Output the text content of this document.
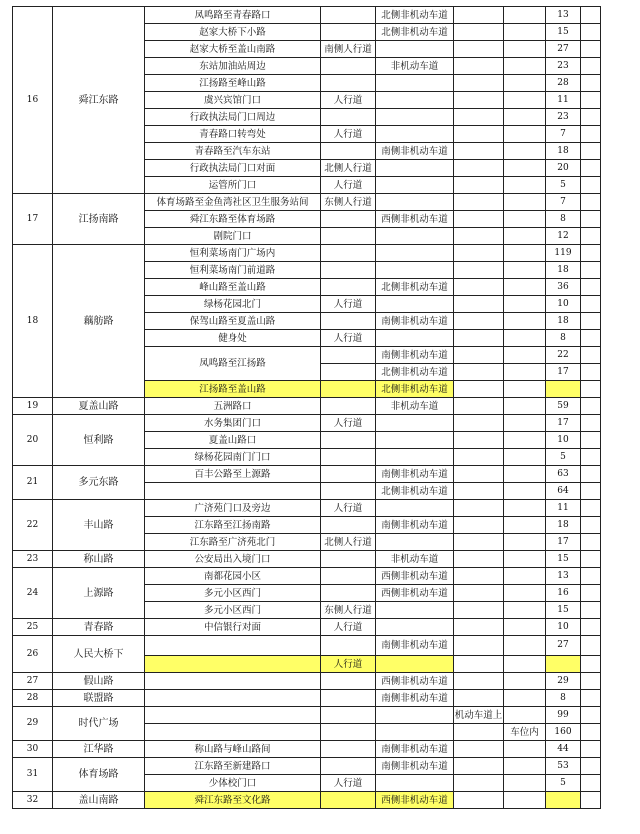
16	舜江东路	凤鸣路至青春路口		北侧非机动车道			13	
		赵家大桥下小路		北侧非机动车道			15	
		赵家大桥至盖山南路	南侧人行道				27	
		东站加油站周边		非机动车道			23	
		江扬路至峰山路					28	
		虞兴宾馆门口	人行道				11	
		行政执法局门口周边					23	
		青春路口转弯处	人行道				7	
		青春路至汽车东站		南侧非机动车道			18	
		行政执法局门口对面	北侧人行道				20	
		运管所门口	人行道				5	
17	江扬南路	体育场路至金鱼湾社区卫生服务站间	东侧人行道				7	
		舜江东路至体育场路		西侧非机动车道			8	
		剧院门口					12	
18	藕舫路	恒利菜场南门广场内					119	
		恒利菜场南门前道路					18	
		峰山路至盖山路		北侧非机动车道			36	
		绿杨花园北门	人行道				10	
		保驾山路至夏盖山路		南侧非机动车道			18	
		健身处	人行道				8	
		凤鸣路至江扬路		南侧非机动车道			22	
				北侧非机动车道			17	
		江扬路至盖山路		北侧非机动车道				
19	夏盖山路	五洲路口		非机动车道			59	
20	恒利路	水务集团门口	人行道				17	
		夏盖山路口					10	
		绿杨花园南门门口					5	
21	多元东路	百丰公路至上源路		南侧非机动车道			63	
				北侧非机动车道			64	
22	丰山路	广济苑门口及旁边	人行道				11	
		江东路至江扬南路		南侧非机动车道			18	
		江东路至广济苑北门	北侧人行道				17	
23	称山路	公安局出入境门口		非机动车道			15	
24	上源路	南都花园小区		西侧非机动车道			13	
		多元小区西门		西侧非机动车道			16	
		多元小区西门	东侧人行道				15	
25	青春路	中信银行对面	人行道				10	
26	人民大桥下			南侧非机动车道			27	
			人行道					
27	假山路			西侧非机动车道			29	
28	联盟路			南侧非机动车道			8	
29	时代广场				机动车道上		99	
						车位内	160	
30	江华路	称山路与峰山路间		南侧非机动车道			44	
31	体育场路	江东路至新建路口		南侧非机动车道			53	
		少体校门口	人行道				5	
32	盖山南路	舜江东路至文化路		西侧非机动车道				
